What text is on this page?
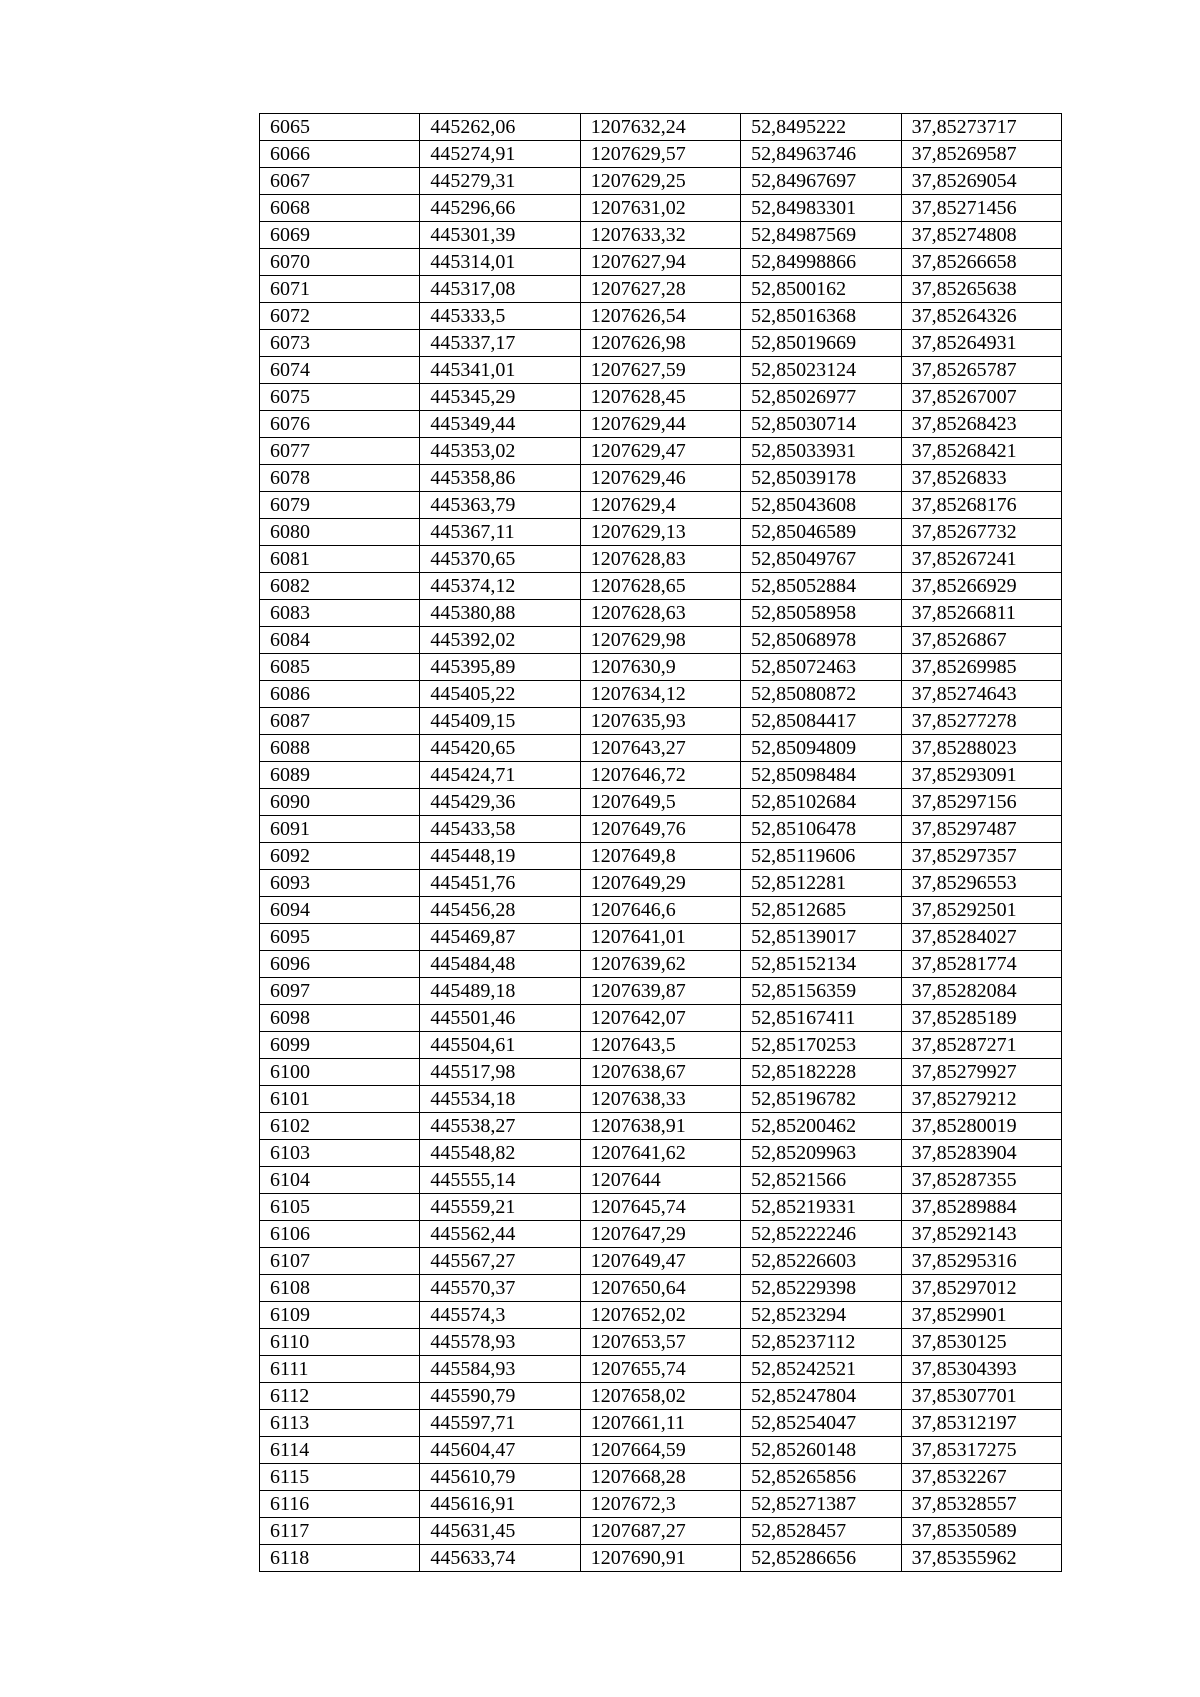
6065	445262,06	1207632,24	52,8495222	37,85273717
6066	445274,91	1207629,57	52,84963746	37,85269587
6067	445279,31	1207629,25	52,84967697	37,85269054
6068	445296,66	1207631,02	52,84983301	37,85271456
6069	445301,39	1207633,32	52,84987569	37,85274808
6070	445314,01	1207627,94	52,84998866	37,85266658
6071	445317,08	1207627,28	52,8500162	37,85265638
6072	445333,5	1207626,54	52,85016368	37,85264326
6073	445337,17	1207626,98	52,85019669	37,85264931
6074	445341,01	1207627,59	52,85023124	37,85265787
6075	445345,29	1207628,45	52,85026977	37,85267007
6076	445349,44	1207629,44	52,85030714	37,85268423
6077	445353,02	1207629,47	52,85033931	37,85268421
6078	445358,86	1207629,46	52,85039178	37,8526833
6079	445363,79	1207629,4	52,85043608	37,85268176
6080	445367,11	1207629,13	52,85046589	37,85267732
6081	445370,65	1207628,83	52,85049767	37,85267241
6082	445374,12	1207628,65	52,85052884	37,85266929
6083	445380,88	1207628,63	52,85058958	37,85266811
6084	445392,02	1207629,98	52,85068978	37,8526867
6085	445395,89	1207630,9	52,85072463	37,85269985
6086	445405,22	1207634,12	52,85080872	37,85274643
6087	445409,15	1207635,93	52,85084417	37,85277278
6088	445420,65	1207643,27	52,85094809	37,85288023
6089	445424,71	1207646,72	52,85098484	37,85293091
6090	445429,36	1207649,5	52,85102684	37,85297156
6091	445433,58	1207649,76	52,85106478	37,85297487
6092	445448,19	1207649,8	52,85119606	37,85297357
6093	445451,76	1207649,29	52,8512281	37,85296553
6094	445456,28	1207646,6	52,8512685	37,85292501
6095	445469,87	1207641,01	52,85139017	37,85284027
6096	445484,48	1207639,62	52,85152134	37,85281774
6097	445489,18	1207639,87	52,85156359	37,85282084
6098	445501,46	1207642,07	52,85167411	37,85285189
6099	445504,61	1207643,5	52,85170253	37,85287271
6100	445517,98	1207638,67	52,85182228	37,85279927
6101	445534,18	1207638,33	52,85196782	37,85279212
6102	445538,27	1207638,91	52,85200462	37,85280019
6103	445548,82	1207641,62	52,85209963	37,85283904
6104	445555,14	1207644	52,8521566	37,85287355
6105	445559,21	1207645,74	52,85219331	37,85289884
6106	445562,44	1207647,29	52,85222246	37,85292143
6107	445567,27	1207649,47	52,85226603	37,85295316
6108	445570,37	1207650,64	52,85229398	37,85297012
6109	445574,3	1207652,02	52,8523294	37,8529901
6110	445578,93	1207653,57	52,85237112	37,8530125
6111	445584,93	1207655,74	52,85242521	37,85304393
6112	445590,79	1207658,02	52,85247804	37,85307701
6113	445597,71	1207661,11	52,85254047	37,85312197
6114	445604,47	1207664,59	52,85260148	37,85317275
6115	445610,79	1207668,28	52,85265856	37,8532267
6116	445616,91	1207672,3	52,85271387	37,85328557
6117	445631,45	1207687,27	52,8528457	37,85350589
6118	445633,74	1207690,91	52,85286656	37,85355962
